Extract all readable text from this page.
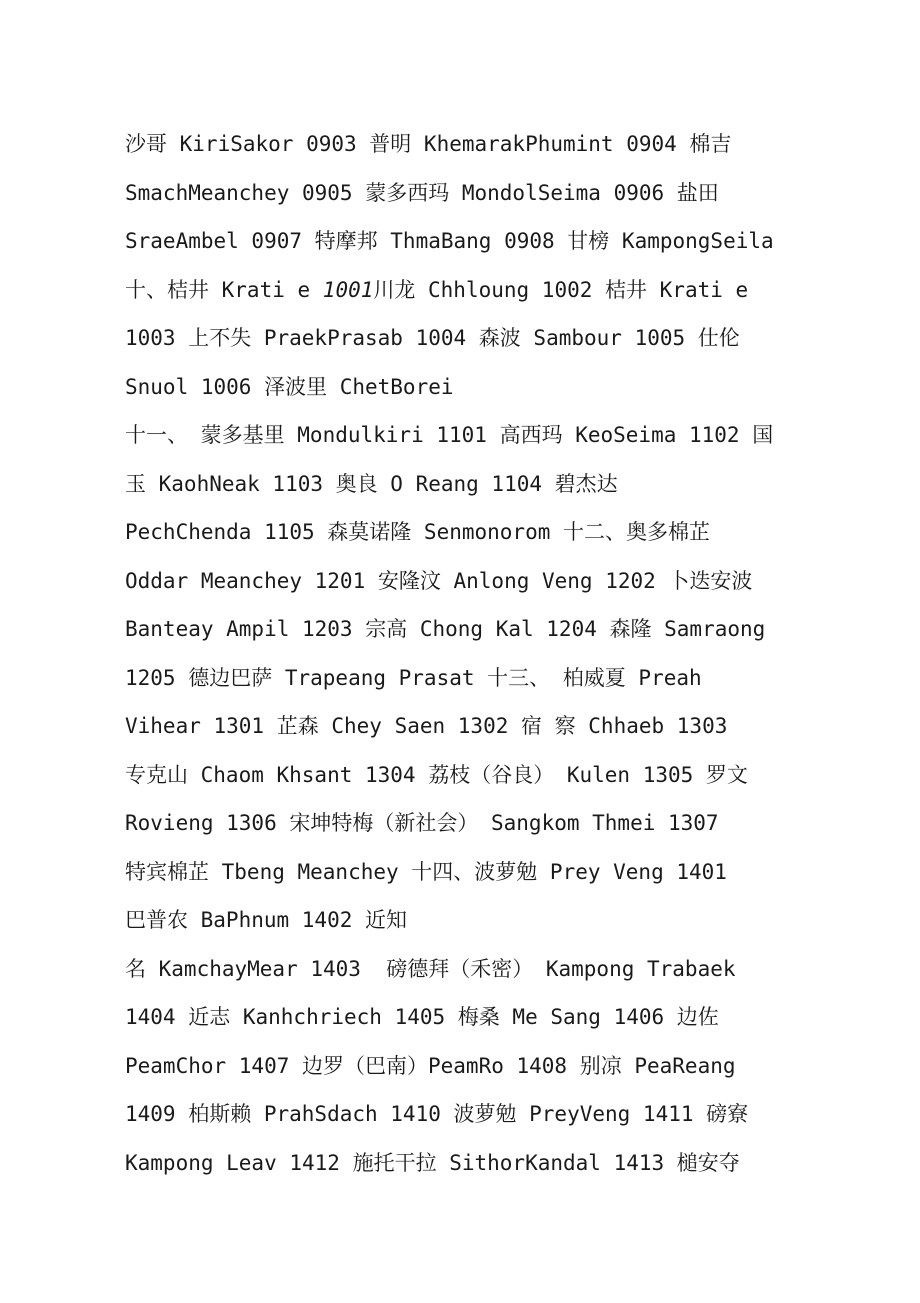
沙哥 KiriSakor 0903 普明 KhemarakPhumint 0904 棉吉
SmachMeanchey 0905 蒙多西玛 MondolSeima 0906 盐田
SraeAmbel 0907 特摩邦 ThmaBang 0908 甘榜 KampongSeila
十、桔井 Krati e 1001川龙 Chhloung 1002 桔井 Krati e
1003 上不失 PraekPrasab 1004 森波 Sambour 1005 仕伦
Snuol 1006 泽波里 ChetBorei
十一、 蒙多基里 Mondulkiri 1101 高西玛 KeoSeima 1102 国
玉 KaohNeak 1103 奥良 O Reang 1104 碧杰达
PechChenda 1105 森莫诺隆 Senmonorom 十二、奥多棉芷
Oddar Meanchey 1201 安隆汶 Anlong Veng 1202 卜迭安波
Banteay Ampil 1203 宗高 Chong Kal 1204 森隆 Samraong
1205 德边巴萨 Trapeang Prasat 十三、 柏威夏 Preah
Vihear 1301 芷森 Chey Saen 1302 宿 察 Chhaeb 1303
专克山 Chaom Khsant 1304 荔枝（谷良） Kulen 1305 罗文
Rovieng 1306 宋坤特梅（新社会） Sangkom Thmei 1307
特宾棉芷 Tbeng Meanchey 十四、波萝勉 Prey Veng 1401
巴普农 BaPhnum 1402 近知
名 KamchayMear 1403  磅德拜（禾密） Kampong Trabaek
1404 近志 Kanhchriech 1405 梅桑 Me Sang 1406 边佐
PeamChor 1407 边罗（巴南）PeamRo 1408 别凉 PeaReang
1409 柏斯赖 PrahSdach 1410 波萝勉 PreyVeng 1411 磅寮
Kampong Leav 1412 施托干拉 SithorKandal 1413 槌安夺
